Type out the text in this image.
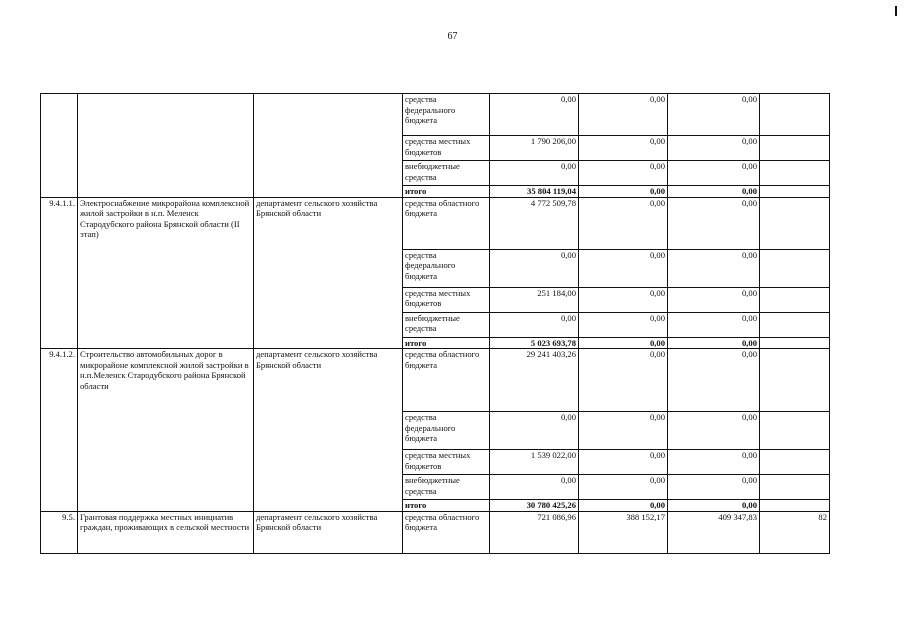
67
			средства федерального бюджета	0,00	0,00	0,00	
			средства местных бюджетов	1 790 206,00	0,00	0,00	
			внебюджетные средства	0,00	0,00	0,00	
			итого	35 804 119,04	0,00	0,00	
9.4.1.1.	Электроснабжение микрорайона комплексной жилой застройки в н.п. Меленск Стародубского района Брянской области (II этап)	департамент сельского хозяйства Брянской области	средства областного бюджета	4 772 509,78	0,00	0,00	
			средства федерального бюджета	0,00	0,00	0,00	
			средства местных бюджетов	251 184,00	0,00	0,00	
			внебюджетные средства	0,00	0,00	0,00	
			итого	5 023 693,78	0,00	0,00	
9.4.1.2.	Строительство автомобильных дорог в микрорайоне комплексной жилой застройки в н.п.Меленск Стародубского района Брянской области	департамент сельского хозяйства Брянской области	средства областного бюджета	29 241 403,26	0,00	0,00	
			средства федерального бюджета	0,00	0,00	0,00	
			средства местных бюджетов	1 539 022,00	0,00	0,00	
			внебюджетные средства	0,00	0,00	0,00	
			итого	30 780 425,26	0,00	0,00	
9.5.	Грантовая поддержка местных инициатив граждан, проживающих в сельской местности	департамент сельского хозяйства Брянской области	средства областного бюджета	721 086,96	388 152,17	409 347,83	82
